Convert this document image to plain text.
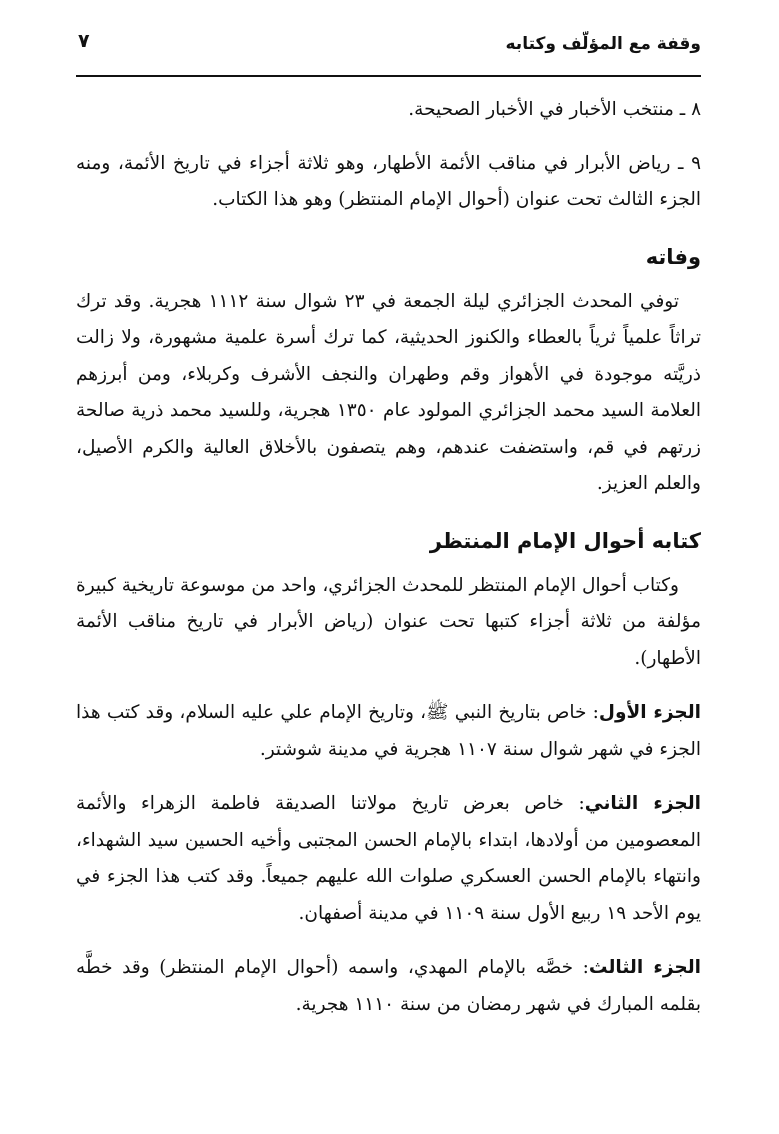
وقفة مع المؤلّف وكتابه
٧

٨ ـ منتخب الأخبار في الأخبار الصحيحة.

٩ ـ رياض الأبرار في مناقب الأئمة الأطهار، وهو ثلاثة أجزاء في تاريخ الأئمة، ومنه الجزء الثالث تحت عنوان (أحوال الإمام المنتظر) وهو هذا الكتاب.

وفاته

توفي المحدث الجزائري ليلة الجمعة في ٢٣ شوال سنة ١١١٢ هجرية. وقد ترك تراثاً علمياً ثرياً بالعطاء والكنوز الحديثية، كما ترك أسرة علمية مشهورة، ولا زالت ذريَّته موجودة في الأهواز وقم وطهران والنجف الأشرف وكربلاء، ومن أبرزهم العلامة السيد محمد الجزائري المولود عام ١٣٥٠ هجرية، وللسيد محمد ذرية صالحة زرتهم في قم، واستضفت عندهم، وهم يتصفون بالأخلاق العالية والكرم الأصيل، والعلم العزيز.

كتابه أحوال الإمام المنتظر

وكتاب أحوال الإمام المنتظر للمحدث الجزائري، واحد من موسوعة تاريخية كبيرة مؤلفة من ثلاثة أجزاء كتبها تحت عنوان (رياض الأبرار في تاريخ مناقب الأئمة الأطهار).

الجزء الأول: خاص بتاريخ النبي ﷺ، وتاريخ الإمام علي عليه السلام، وقد كتب هذا الجزء في شهر شوال سنة ١١٠٧ هجرية في مدينة شوشتر.

الجزء الثاني: خاص بعرض تاريخ مولاتنا الصديقة فاطمة الزهراء والأئمة المعصومين من أولادها، ابتداء بالإمام الحسن المجتبى وأخيه الحسين سيد الشهداء، وانتهاء بالإمام الحسن العسكري صلوات الله عليهم جميعاً. وقد كتب هذا الجزء في يوم الأحد ١٩ ربيع الأول سنة ١١٠٩ في مدينة أصفهان.

الجزء الثالث: خصَّه بالإمام المهدي، واسمه (أحوال الإمام المنتظر) وقد خطَّه بقلمه المبارك في شهر رمضان من سنة ١١١٠ هجرية.
